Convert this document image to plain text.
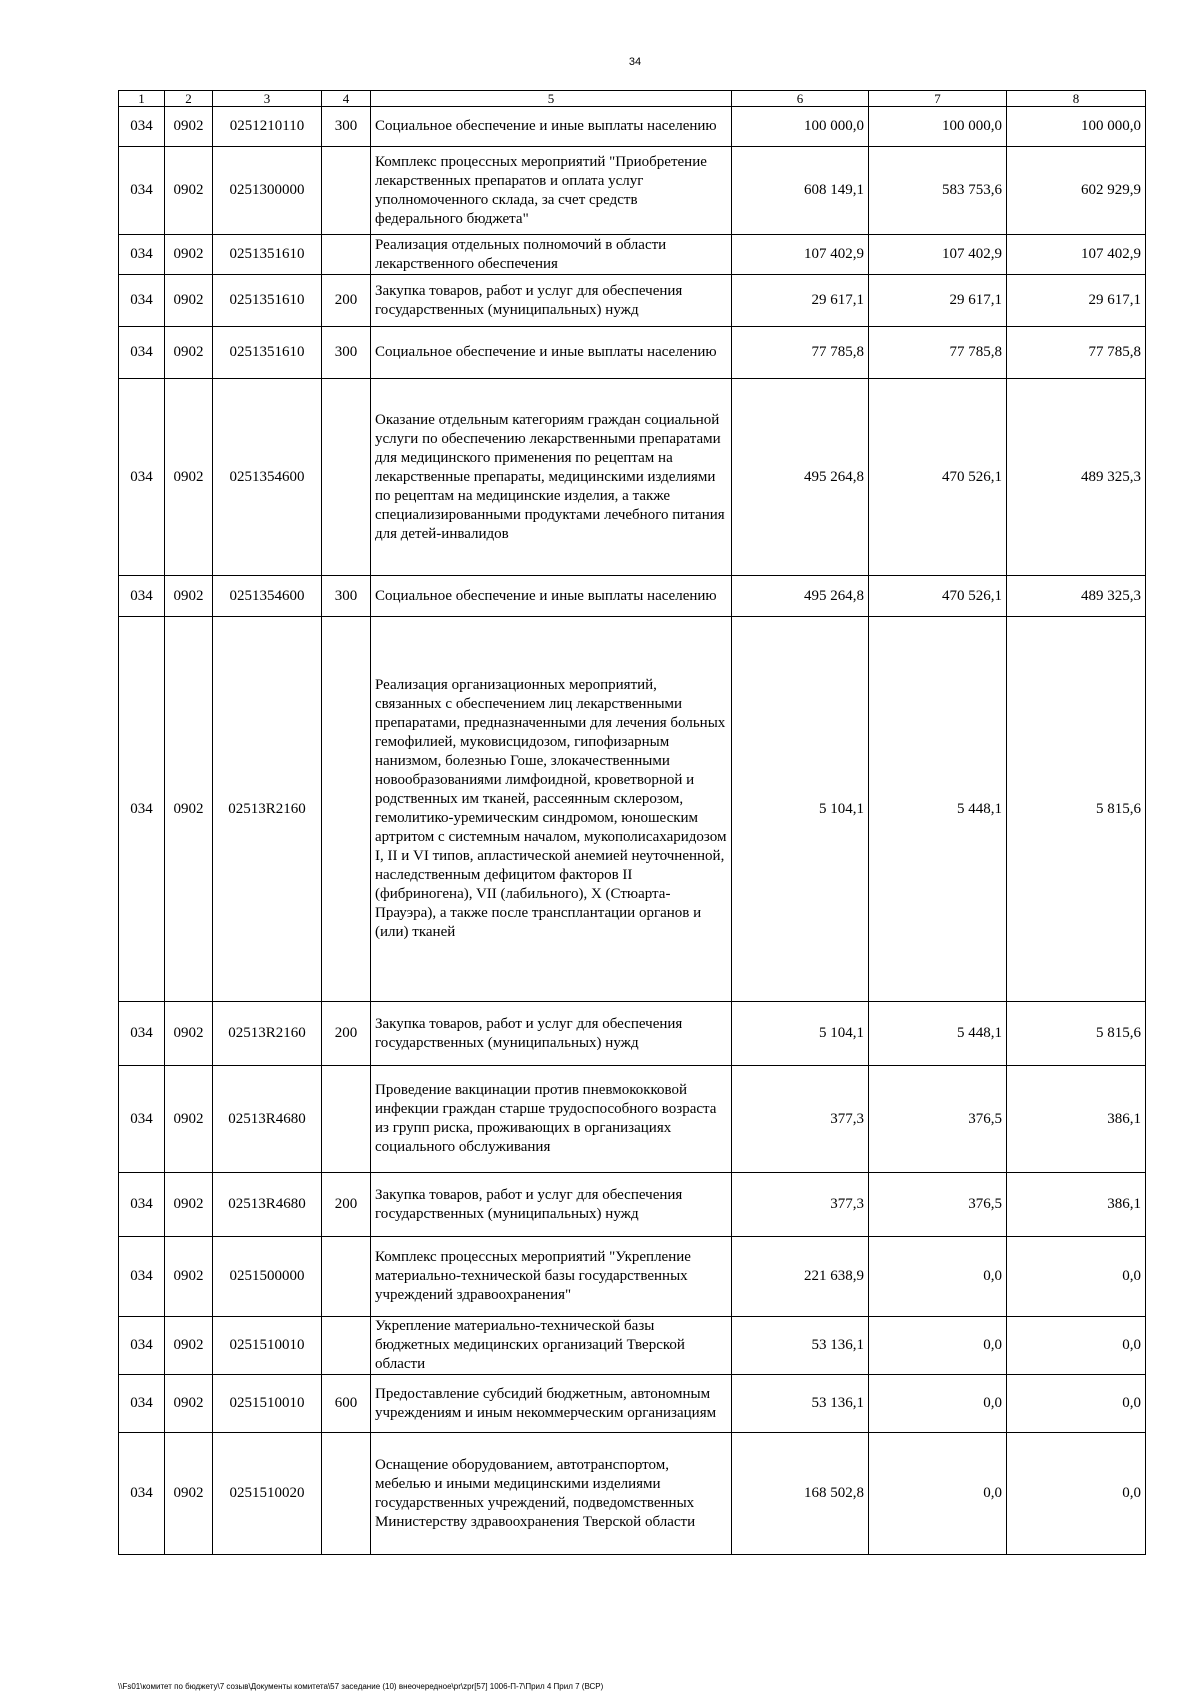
34
1	2	3	4	5	6	7	8
034	0902	0251210110	300	Социальное обеспечение и иные выплаты населению	100 000,0	100 000,0	100 000,0
034	0902	0251300000		Комплекс процессных мероприятий "Приобретение лекарственных препаратов и оплата услуг уполномоченного склада, за счет средств федерального бюджета"	608 149,1	583 753,6	602 929,9
034	0902	0251351610		Реализация отдельных полномочий в области лекарственного обеспечения	107 402,9	107 402,9	107 402,9
034	0902	0251351610	200	Закупка товаров, работ и услуг для обеспечения государственных (муниципальных) нужд	29 617,1	29 617,1	29 617,1
034	0902	0251351610	300	Социальное обеспечение и иные выплаты населению	77 785,8	77 785,8	77 785,8
034	0902	0251354600		Оказание отдельным категориям граждан социальной услуги по обеспечению лекарственными препаратами для медицинского применения по рецептам на лекарственные препараты, медицинскими изделиями по рецептам на медицинские изделия, а также специализированными продуктами лечебного питания для детей-инвалидов	495 264,8	470 526,1	489 325,3
034	0902	0251354600	300	Социальное обеспечение и иные выплаты населению	495 264,8	470 526,1	489 325,3
034	0902	02513R2160		Реализация организационных мероприятий, связанных с обеспечением лиц лекарственными препаратами, предназначенными для лечения больных гемофилией, муковисцидозом, гипофизарным нанизмом, болезнью Гоше, злокачественными новообразованиями лимфоидной, кроветворной и родственных им тканей, рассеянным склерозом, гемолитико-уремическим синдромом, юношеским артритом с системным началом, мукополисахаридозом I, II и VI типов, апластической анемией неуточненной, наследственным дефицитом факторов II (фибриногена), VII (лабильного), X (Стюарта-Прауэра), а также после трансплантации органов и (или) тканей	5 104,1	5 448,1	5 815,6
034	0902	02513R2160	200	Закупка товаров, работ и услуг для обеспечения государственных (муниципальных) нужд	5 104,1	5 448,1	5 815,6
034	0902	02513R4680		Проведение вакцинации против пневмококковой инфекции граждан старше трудоспособного возраста из групп риска, проживающих в организациях социального обслуживания	377,3	376,5	386,1
034	0902	02513R4680	200	Закупка товаров, работ и услуг для обеспечения государственных (муниципальных) нужд	377,3	376,5	386,1
034	0902	0251500000		Комплекс процессных мероприятий "Укрепление материально-технической базы государственных учреждений здравоохранения"	221 638,9	0,0	0,0
034	0902	0251510010		Укрепление материально-технической базы бюджетных медицинских организаций Тверской области	53 136,1	0,0	0,0
034	0902	0251510010	600	Предоставление субсидий бюджетным, автономным учреждениям и иным некоммерческим организациям	53 136,1	0,0	0,0
034	0902	0251510020		Оснащение оборудованием, автотранспортом, мебелью и иными медицинскими изделиями государственных учреждений, подведомственных Министерству здравоохранения Тверской области	168 502,8	0,0	0,0
\\Fs01\комитет по бюджету\7 созыв\Документы комитета\57 заседание (10) внеочередное\pr\zpr[57] 1006-П-7\Прил 4 Прил 7 (ВСР)
